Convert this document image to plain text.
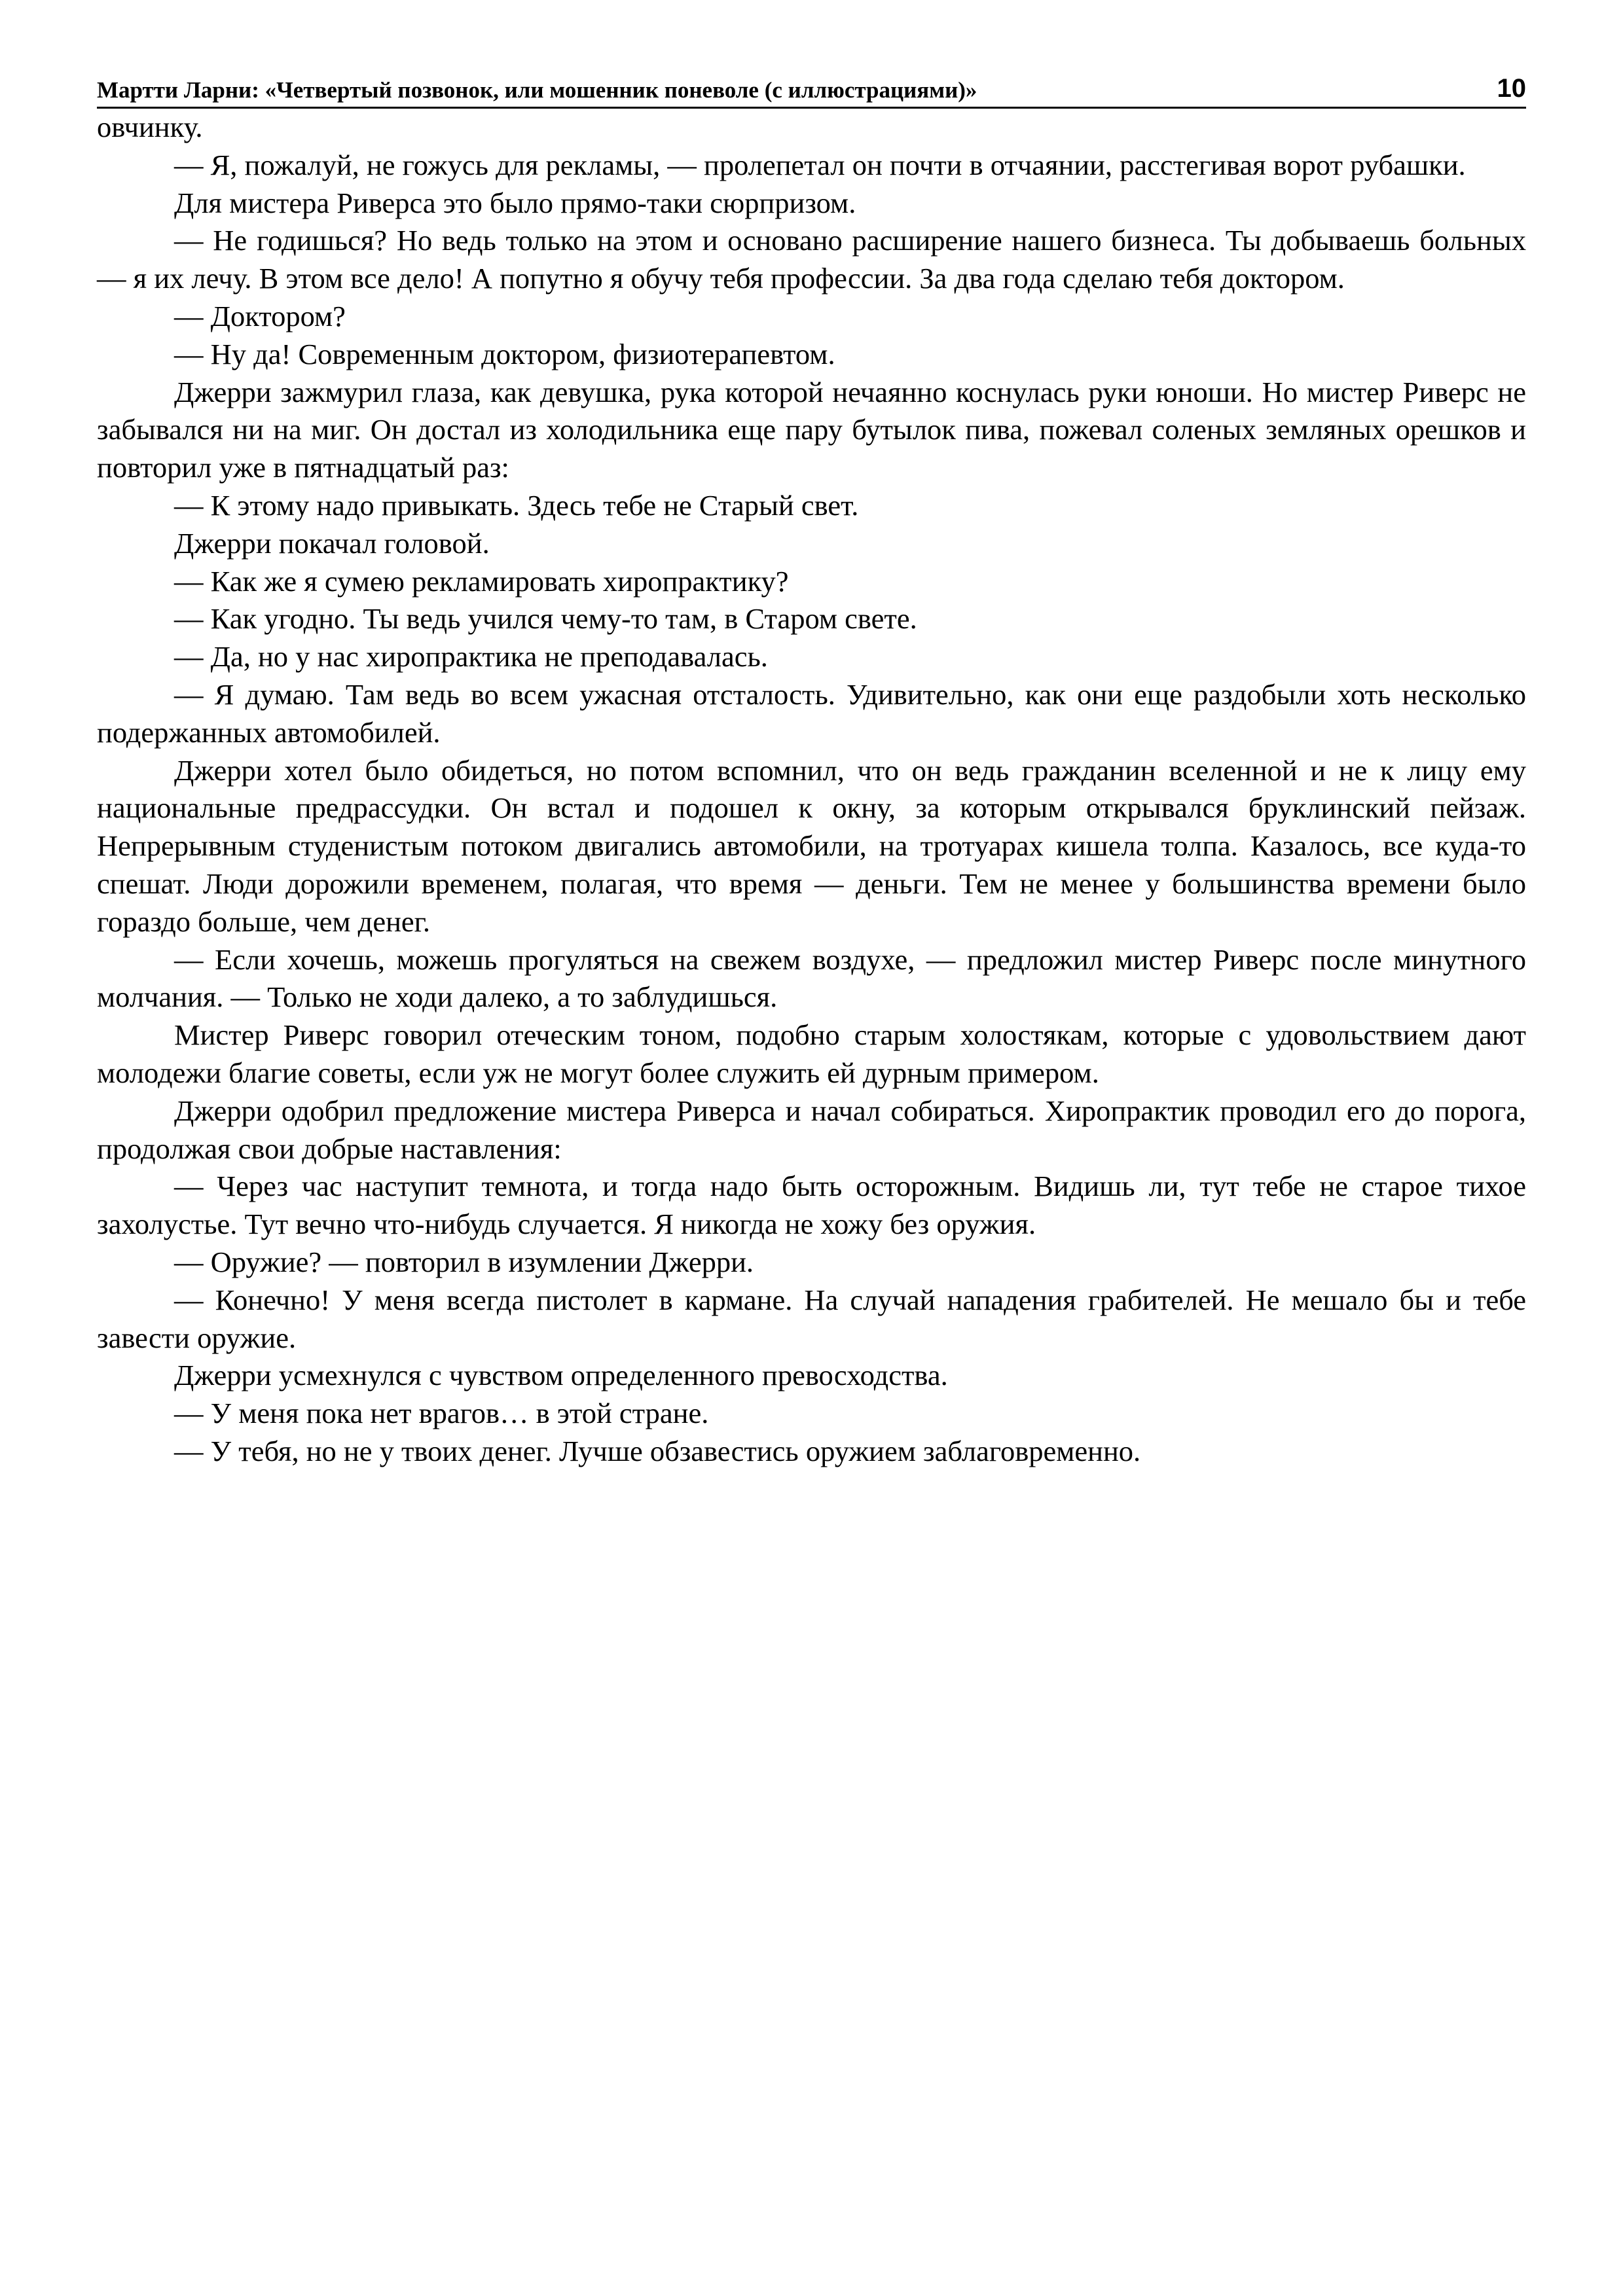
Мартти Ларни: «Четвертый позвонок, или мошенник поневоле (с иллюстрациями)»	10

овчинку.

— Я, пожалуй, не гожусь для рекламы, — пролепетал он почти в отчаянии, расстегивая ворот рубашки.

Для мистера Риверса это было прямо-таки сюрпризом.

— Не годишься? Но ведь только на этом и основано расширение нашего бизнеса. Ты добываешь больных — я их лечу. В этом все дело! А попутно я обучу тебя профессии. За два года сделаю тебя доктором.

— Доктором?

— Ну да! Современным доктором, физиотерапевтом.

Джерри зажмурил глаза, как девушка, рука которой нечаянно коснулась руки юноши. Но мистер Риверс не забывался ни на миг. Он достал из холодильника еще пару бутылок пива, пожевал соленых земляных орешков и повторил уже в пятнадцатый раз:

— К этому надо привыкать. Здесь тебе не Старый свет.

Джерри покачал головой.

— Как же я сумею рекламировать хиропрактику?

— Как угодно. Ты ведь учился чему-то там, в Старом свете.

— Да, но у нас хиропрактика не преподавалась.

— Я думаю. Там ведь во всем ужасная отсталость. Удивительно, как они еще раздобыли хоть несколько подержанных автомобилей.

Джерри хотел было обидеться, но потом вспомнил, что он ведь гражданин вселенной и не к лицу ему национальные предрассудки. Он встал и подошел к окну, за которым открывался бруклинский пейзаж. Непрерывным студенистым потоком двигались автомобили, на тротуарах кишела толпа. Казалось, все куда-то спешат. Люди дорожили временем, полагая, что время — деньги. Тем не менее у большинства времени было гораздо больше, чем денег.

— Если хочешь, можешь прогуляться на свежем воздухе, — предложил мистер Риверс после минутного молчания. — Только не ходи далеко, а то заблудишься.

Мистер Риверс говорил отеческим тоном, подобно старым холостякам, которые с удовольствием дают молодежи благие советы, если уж не могут более служить ей дурным примером.

Джерри одобрил предложение мистера Риверса и начал собираться. Хиропрактик проводил его до порога, продолжая свои добрые наставления:

— Через час наступит темнота, и тогда надо быть осторожным. Видишь ли, тут тебе не старое тихое захолустье. Тут вечно что-нибудь случается. Я никогда не хожу без оружия.

— Оружие? — повторил в изумлении Джерри.

— Конечно! У меня всегда пистолет в кармане. На случай нападения грабителей. Не мешало бы и тебе завести оружие.

Джерри усмехнулся с чувством определенного превосходства.

— У меня пока нет врагов… в этой стране.

— У тебя, но не у твоих денег. Лучше обзавестись оружием заблаговременно.
